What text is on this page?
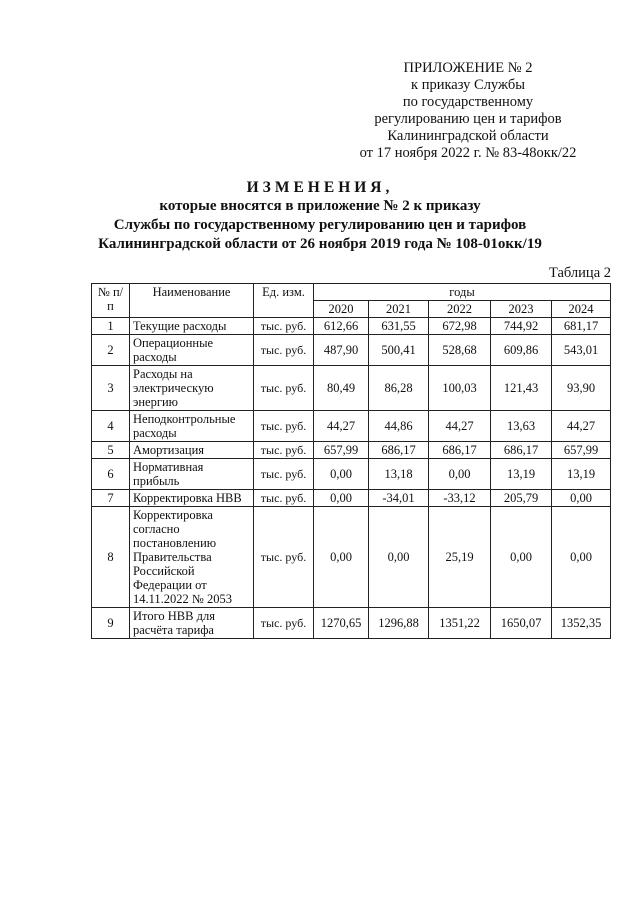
ПРИЛОЖЕНИЕ № 2
к приказу Службы
по государственному
регулированию цен и тарифов
Калининградской области
от 17 ноября 2022 г. № 83-48окк/22
ИЗМЕНЕНИЯ,
которые вносятся в приложение № 2 к приказу
Службы по государственному регулированию цен и тарифов
Калининградской области от 26 ноября 2019 года № 108-01окк/19
Таблица 2
№ п/п	Наименование	Ед. изм.	годы				
			2020	2021	2022	2023	2024
1	Текущие расходы	тыс. руб.	612,66	631,55	672,98	744,92	681,17
2	Операционные расходы	тыс. руб.	487,90	500,41	528,68	609,86	543,01
3	Расходы на электрическую энергию	тыс. руб.	80,49	86,28	100,03	121,43	93,90
4	Неподконтрольные расходы	тыс. руб.	44,27	44,86	44,27	13,63	44,27
5	Амортизация	тыс. руб.	657,99	686,17	686,17	686,17	657,99
6	Нормативная прибыль	тыс. руб.	0,00	13,18	0,00	13,19	13,19
7	Корректировка НВВ	тыс. руб.	0,00	-34,01	-33,12	205,79	0,00
8	Корректировка согласно постановлению Правительства Российской Федерации от 14.11.2022 № 2053	тыс. руб.	0,00	0,00	25,19	0,00	0,00
9	Итого НВВ для расчёта тарифа	тыс. руб.	1270,65	1296,88	1351,22	1650,07	1352,35
